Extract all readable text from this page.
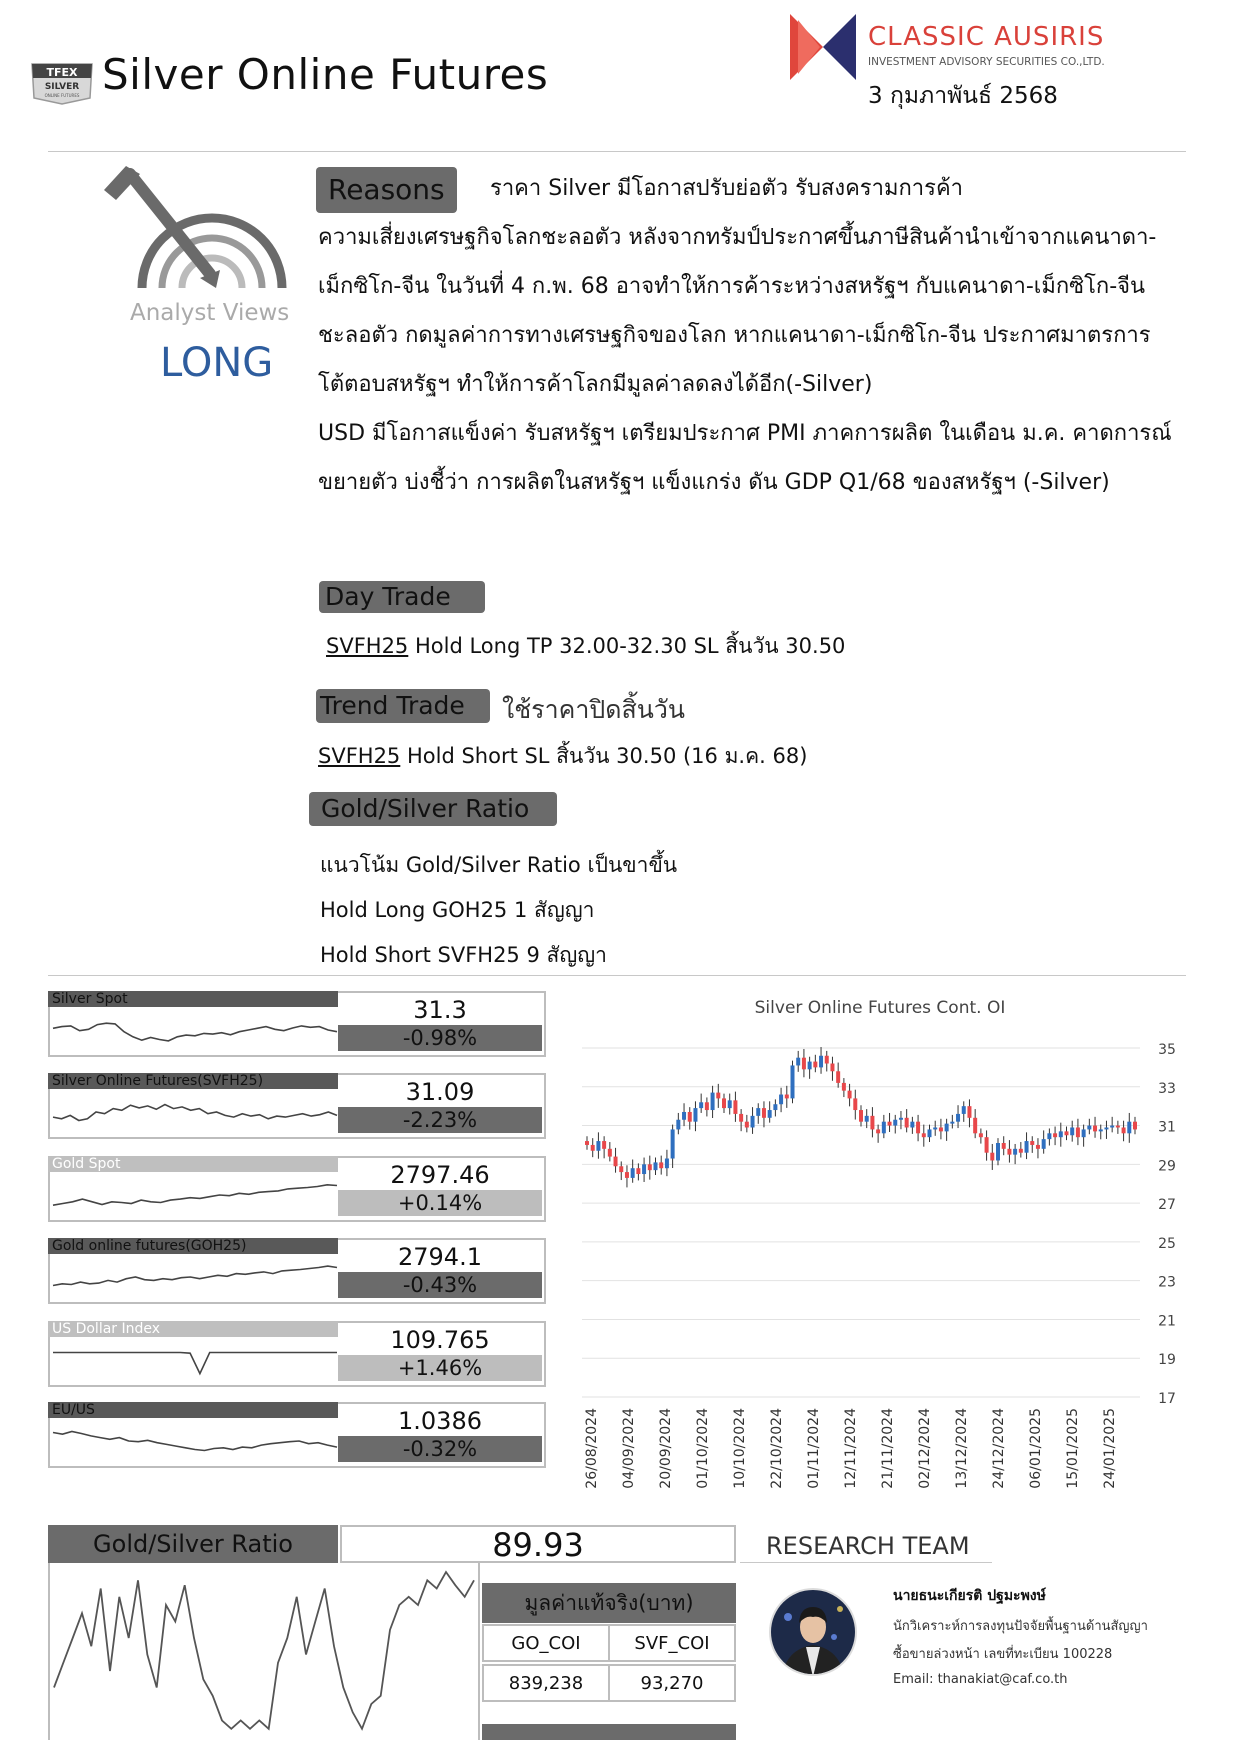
TFEX
SILVER
ONLINE FUTURES Silver Online Futures
CLASSIC AUSIRIS
INVESTMENT ADVISORY SECURITIES CO.,LTD.
3 กุมภาพันธ์ 2568
Analyst Views
LONG
Reasons	ราคา Silver มีโอกาสปรับย่อตัว รับสงครามการค้า
ความเสี่ยงเศรษฐกิจโลกชะลอตัว หลังจากทรัมป์ประกาศขึ้นภาษีสินค้านำเข้าจากแคนาดา-
เม็กซิโก-จีน ในวันที่ 4 ก.พ. 68 อาจทำให้การค้าระหว่างสหรัฐฯ กับแคนาดา-เม็กซิโก-จีน
ชะลอตัว กดมูลค่าการทางเศรษฐกิจของโลก หากแคนาดา-เม็กซิโก-จีน ประกาศมาตรการ
โต้ตอบสหรัฐฯ ทำให้การค้าโลกมีมูลค่าลดลงได้อีก(-Silver)
USD มีโอกาสแข็งค่า รับสหรัฐฯ เตรียมประกาศ PMI ภาคการผลิต ในเดือน ม.ค. คาดการณ์
ขยายตัว บ่งชี้ว่า การผลิตในสหรัฐฯ แข็งแกร่ง ดัน GDP Q1/68 ของสหรัฐฯ (-Silver)
Day Trade
SVFH25 Hold Long TP 32.00-32.30 SL สิ้นวัน 30.50
Trend Trade	ใช้ราคาปิดสิ้นวัน
SVFH25 Hold Short SL สิ้นวัน 30.50 (16 ม.ค. 68)
Gold/Silver Ratio
แนวโน้ม Gold/Silver Ratio เป็นขาขึ้น
Hold Long GOH25 1 สัญญา
Hold Short SVFH25 9 สัญญา
Silver Spot	31.3
-0.98%
Silver Online Futures(SVFH25)	31.09
-2.23%
Gold Spot	2797.46
+0.14%
Gold online futures(GOH25)	2794.1
-0.43%
US Dollar Index	109.765
+1.46%
EU/US	1.0386
-0.32%
Silver Online Futures Cont. OI
35
33
31
29
27
25
23
21
19
17
26/08/2024 04/09/2024 20/09/2024 01/10/2024 10/10/2024 22/10/2024 01/11/2024 12/11/2024 21/11/2024 02/12/2024 13/12/2024 24/12/2024 06/01/2025 15/01/2025 24/01/2025
Gold/Silver Ratio	89.93
มูลค่าแท้จริง(บาท)
GO_COI	SVF_COI
839,238	93,270
RESEARCH TEAM
นายธนะเกียรติ ปฐมะพงษ์
นักวิเคราะห์การลงทุนปัจจัยพื้นฐานด้านสัญญา
ซื้อขายล่วงหน้า เลขที่ทะเบียน 100228
Email: thanakiat@caf.co.th
